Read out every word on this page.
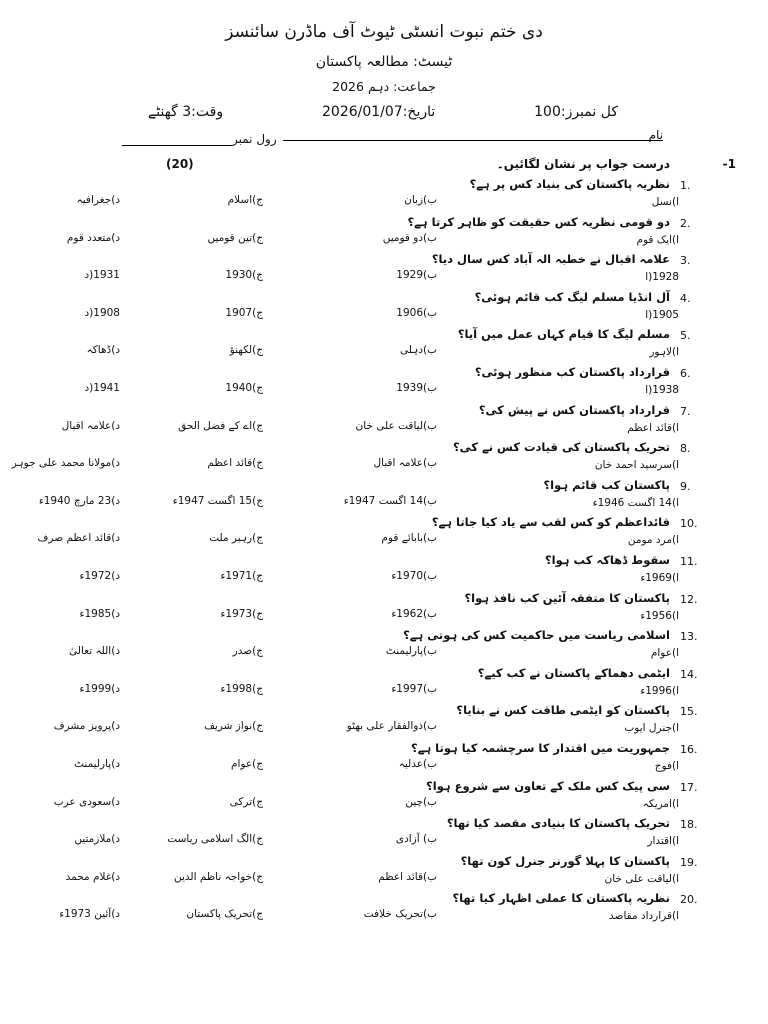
دی ختم نبوت انسٹی ٹیوٹ آف ماڈرن سائنسز
ٹیسٹ: مطالعہ پاکستان
جماعت: دہم 2026
کل نمبرز:100
تاریخ:2026/01/07
وقت:3 گھنٹے
نام
رول نمبر
-1
درست جواب پر نشان لگائیں۔
(20)
1.
نظریہ پاکستان کی بنیاد کس پر ہے؟
ا)نسل
ب)زبان
ج)اسلام
د)جغرافیہ
2.
دو قومی نظریہ کس حقیقت کو ظاہر کرتا ہے؟
ا)ایک قوم
ب)دو قومیں
ج)تین قومیں
د)متعدد قوم
3.
علامہ اقبال نے خطبہ الہ آباد کس سال دیا؟
1928(ا
ب)1929
ج)1930
1931(د
4.
آل انڈیا مسلم لیگ کب قائم ہوئی؟
1905(ا
ب)1906
ج)1907
1908(د
5.
مسلم لیگ کا قیام کہاں عمل میں آیا؟
ا)لاہور
ب)دہلی
ج)لکھنؤ
د)ڈھاکہ
6.
قرارداد پاکستان کب منظور ہوئی؟
1938(ا
ب)1939
ج)1940
1941(د
7.
قرارداد پاکستان کس نے پیش کی؟
ا)قائد اعظم
ب)لیاقت علی خان
ج)اے کے فضل الحق
د)علامہ اقبال
8.
تحریک پاکستان کی قیادت کس نے کی؟
ا)سرسید احمد خان
ب)علامہ اقبال
ج)قائد اعظم
د)مولانا محمد علی جوہر
9.
پاکستان کب قائم ہوا؟
ا)14 اگست 1946ء
ب)14 اگست 1947ء
ج)15 اگست 1947ء
د)23 مارچ 1940ء
10.
قائداعظم کو کس لقب سے یاد کیا جاتا ہے؟
ا)مرد مومن
ب)بابائے قوم
ج)رہبر ملت
د)قائد اعظم صرف
11.
سقوط ڈھاکہ کب ہوا؟
ا)1969ء
ب)1970ء
ج)1971ء
د)1972ء
12.
پاکستان کا متفقہ آئین کب نافذ ہوا؟
ا)1956ء
ب)1962ء
ج)1973ء
د)1985ء
13.
اسلامی ریاست میں حاکمیت کس کی ہوتی ہے؟
ا)عوام
ب)پارلیمنٹ
ج)صدر
د)اللہ تعالیٰ
14.
ایٹمی دھماکے پاکستان نے کب کیے؟
ا)1996ء
ب)1997ء
ج)1998ء
د)1999ء
15.
پاکستان کو ایٹمی طاقت کس نے بنایا؟
ا)جنرل ایوب
ب)ذوالفقار علی بھٹو
ج)نواز شریف
د)پرویز مشرف
16.
جمہوریت میں اقتدار کا سرچشمہ کیا ہوتا ہے؟
ا)فوج
ب)عدلیہ
ج)عوام
د)پارلیمنٹ
17.
سی پیک کس ملک کے تعاون سے شروع ہوا؟
ا)امریکہ
ب)چین
ج)ترکی
د)سعودی عرب
18.
تحریک پاکستان کا بنیادی مقصد کیا تھا؟
ا)اقتدار
ب) آزادی
ج)الگ اسلامی ریاست
د)ملازمتیں
19.
پاکستان کا پہلا گورنر جنرل کون تھا؟
ا)لیاقت علی خان
ب)قائد اعظم
ج)خواجہ ناظم الدین
د)غلام محمد
20.
نظریہ پاکستان کا عملی اظہار کیا تھا؟
ا)قرارداد مقاصد
ب)تحریک خلافت
ج)تحریک پاکستان
د)آئین 1973ء
